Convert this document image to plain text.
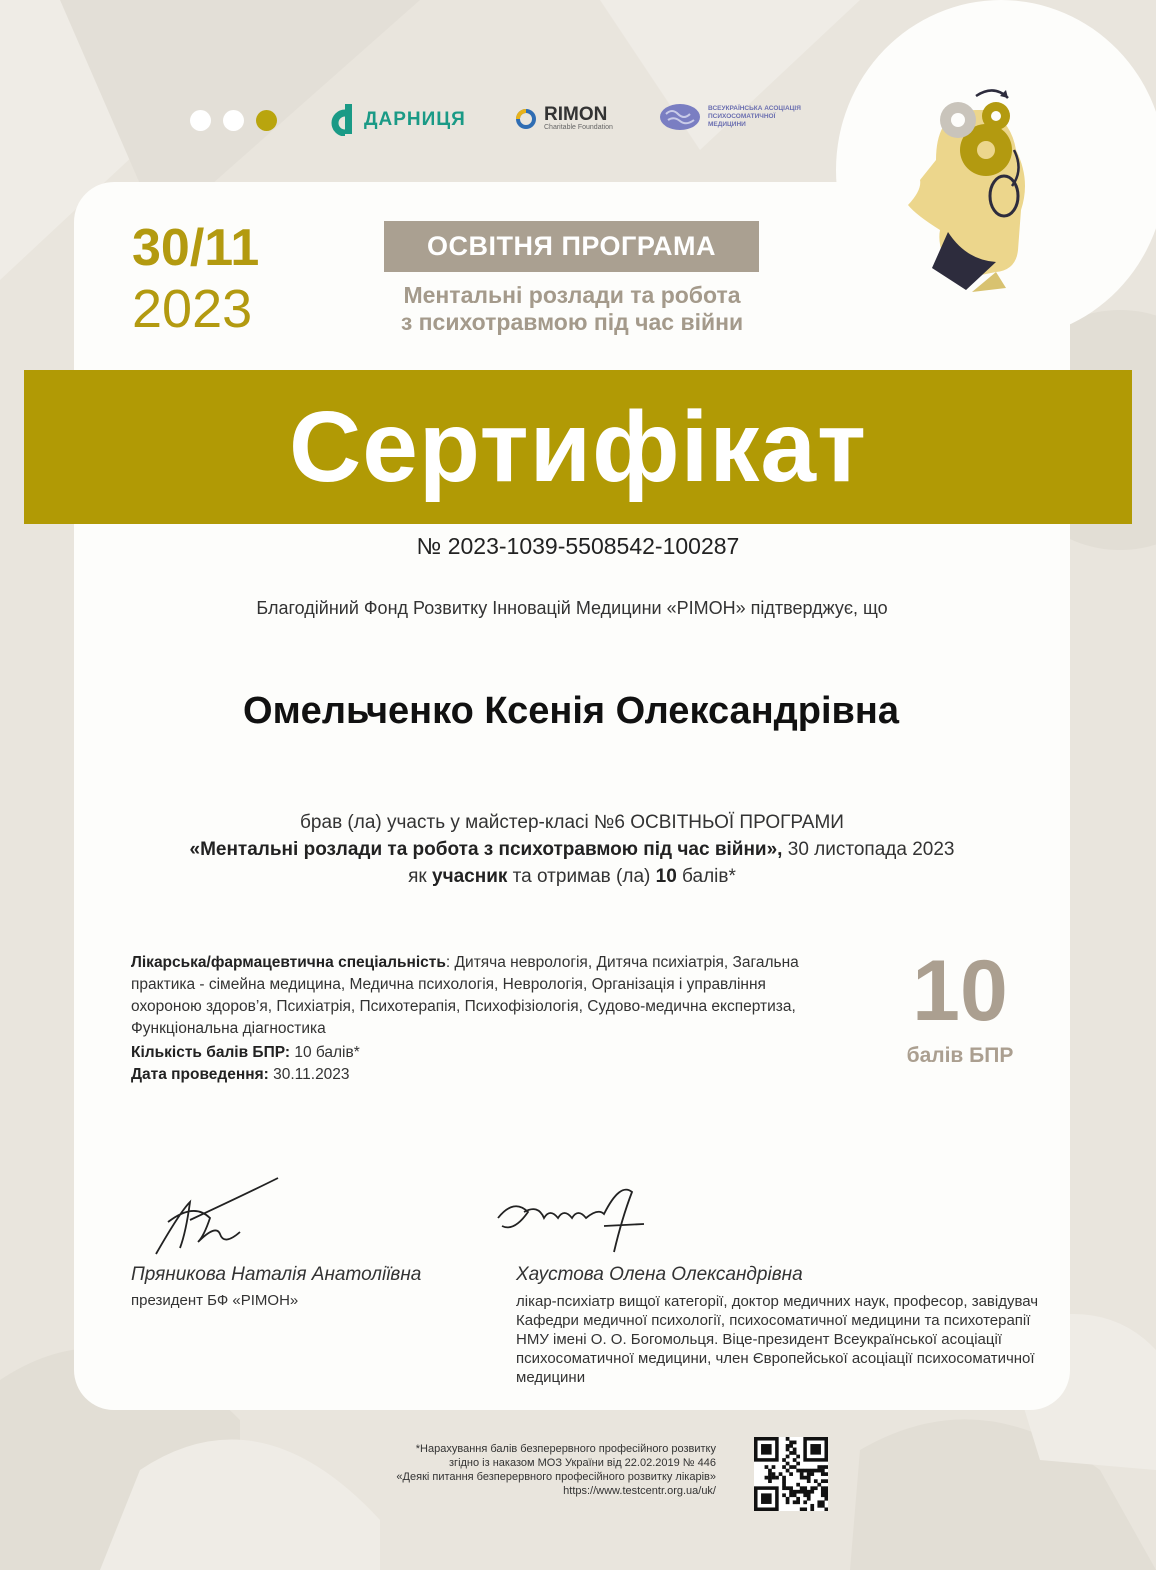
ДАРНИЦЯ	RIMON
Charitable Foundation
ВСЕУКРАЇНСЬКА АСОЦІАЦІЯ ПСИХОСОМАТИЧНОЇ МЕДИЦИНИ
30/11
2023
ОСВІТНЯ ПРОГРАМА
Ментальні розлади та робота
з психотравмою під час війни
Сертифікат
№ 2023-1039-5508542-100287
Благодійний Фонд Розвитку Інновацій Медицини «РІМОН» підтверджує, що
Омельченко Ксенія Олександрівна
брав (ла) участь у майстер-класі №6 ОСВІТНЬОЇ ПРОГРАМИ
«Ментальні розлади та робота з психотравмою під час війни», 30 листопада 2023
як учасник та отримав (ла) 10 балів*
Лікарська/фармацевтична спеціальність: Дитяча неврологія, Дитяча психіатрія, Загальна практика - сімейна медицина, Медична психологія, Неврологія, Організація і управління охороною здоров’я, Психіатрія, Психотерапія, Психофізіологія, Судово-медична експертиза, Функціональна діагностика
Кількість балів БПР: 10 балів*
Дата проведення: 30.11.2023
10
балів БПР
Пряникова Наталія Анатоліївна
президент БФ «РІМОН»
Хаустова Олена Олександрівна
лікар-психіатр вищої категорії, доктор медичних наук, професор, завідувач Кафедри медичної психології, психосоматичної медицини та психотерапії НМУ імені О. О. Богомольця. Віце-президент Всеукраїнської асоціації психосоматичної медицини, член Європейської асоціації психосоматичної медицини
*Нарахування балів безперервного професійного розвитку
згідно із наказом МОЗ України від 22.02.2019 № 446
«Деякі питання безперервного професійного розвитку лікарів»
https://www.testcentr.org.ua/uk/
